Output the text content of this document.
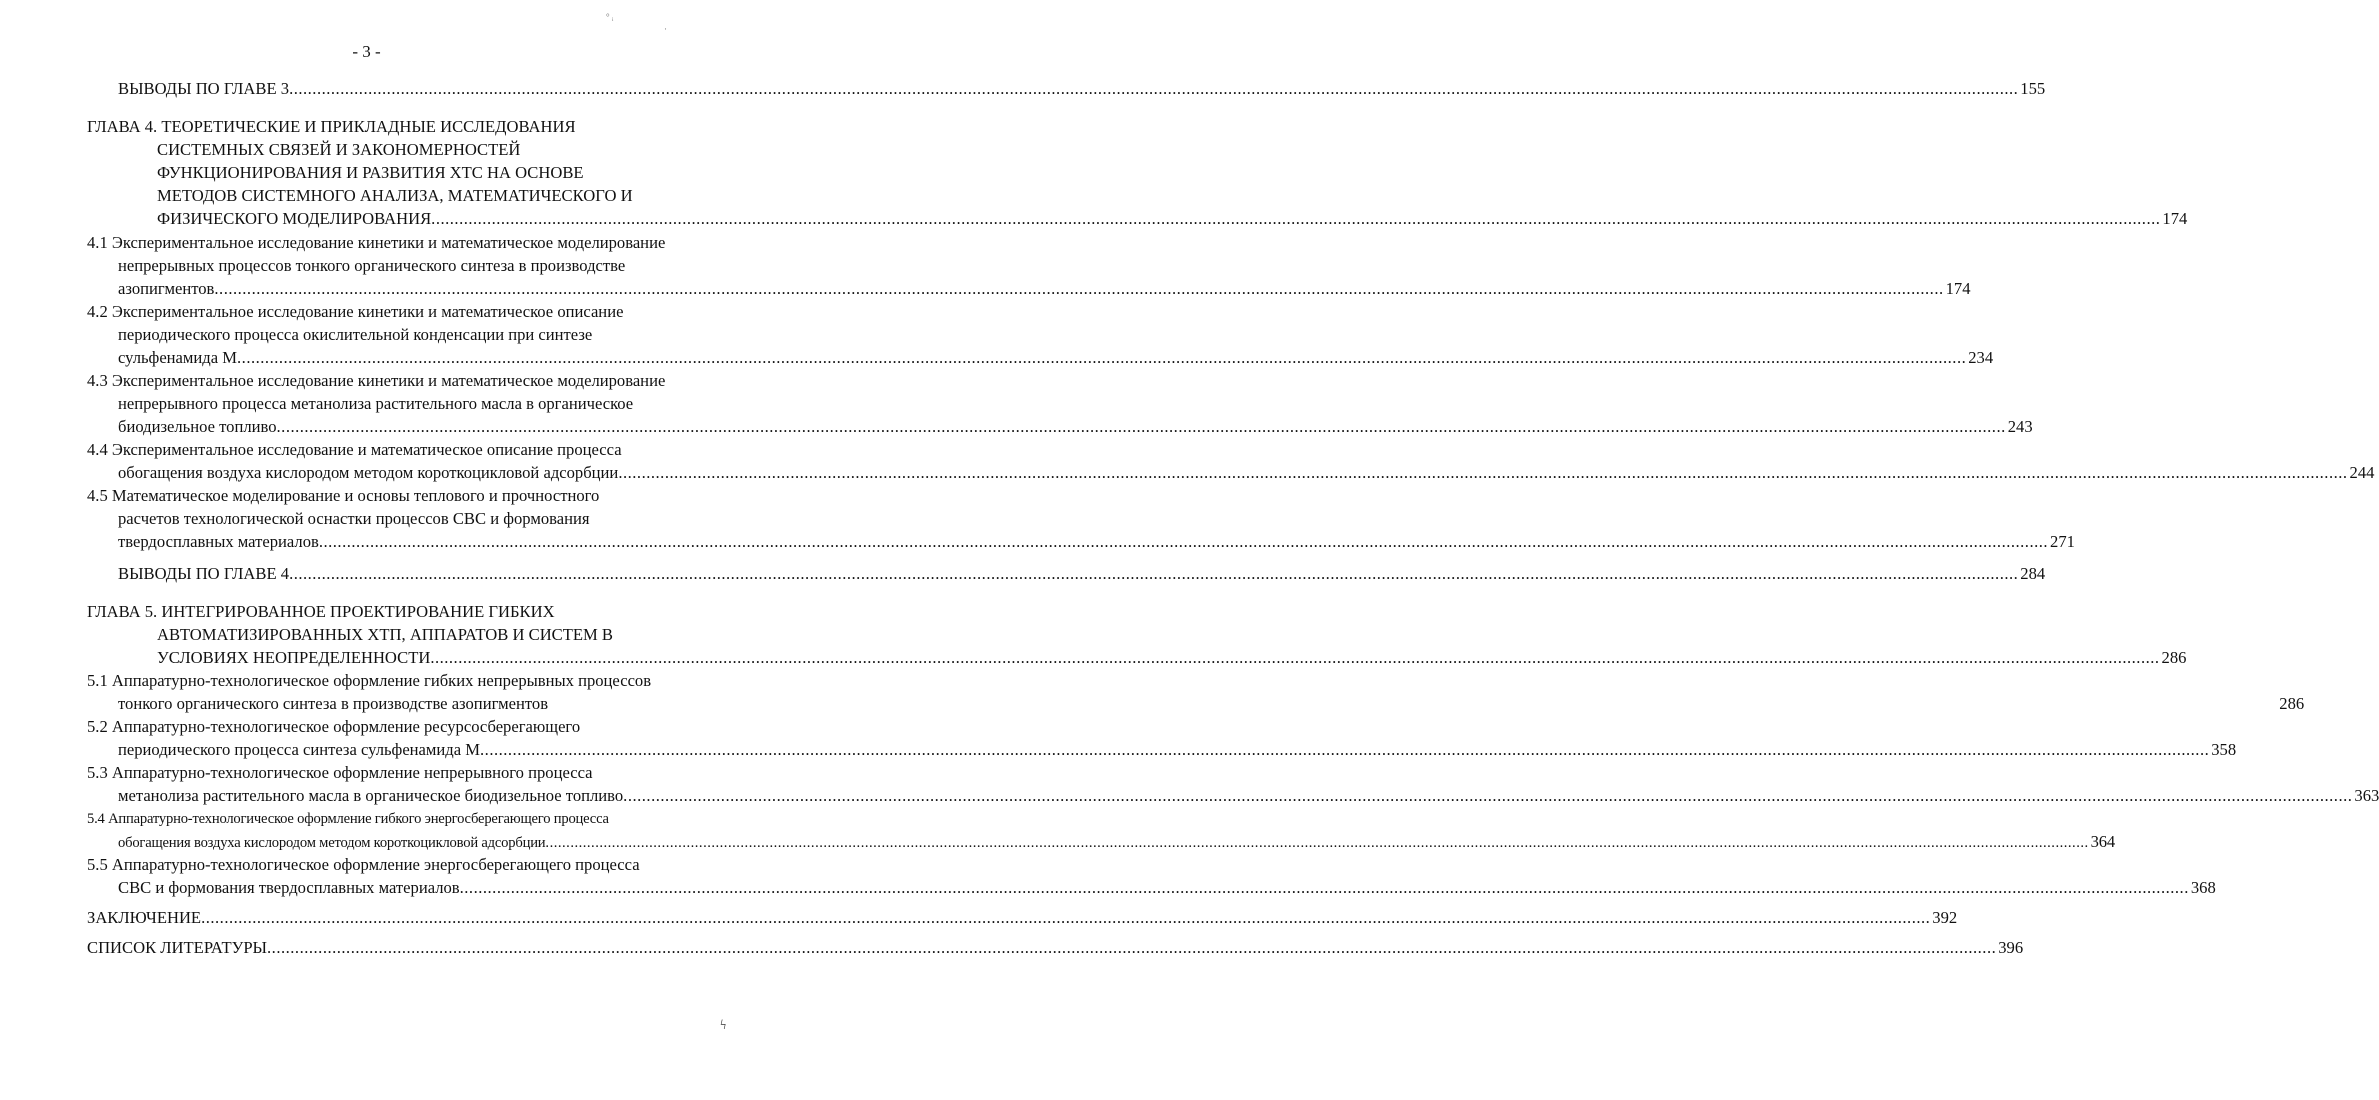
° ᵢ
·
ϟ
- 3 -
ВЫВОДЫ ПО ГЛАВЕ 3 .................................................................................................................................................................................................................................................................................................................................................................................... 155
ГЛАВА 4. ТЕОРЕТИЧЕСКИЕ И ПРИКЛАДНЫЕ ИССЛЕДОВАНИЯ
СИСТЕМНЫХ СВЯЗЕЙ И ЗАКОНОМЕРНОСТЕЙ
ФУНКЦИОНИРОВАНИЯ И РАЗВИТИЯ ХТС НА ОСНОВЕ
МЕТОДОВ СИСТЕМНОГО АНАЛИЗА, МАТЕМАТИЧЕСКОГО И
ФИЗИЧЕСКОГО МОДЕЛИРОВАНИЯ .................................................................................................................................................................................................................................................................................................................................................................................... 174
4.1 Экспериментальное исследование кинетики и математическое моделирование
непрерывных процессов тонкого органического синтеза в производстве
азопигментов .................................................................................................................................................................................................................................................................................................................................................................................... 174
4.2 Экспериментальное исследование кинетики и математическое описание
периодического процесса окислительной конденсации при синтезе
сульфенамида М .................................................................................................................................................................................................................................................................................................................................................................................... 234
4.3 Экспериментальное исследование кинетики и математическое моделирование
непрерывного процесса метанолиза растительного масла в органическое
биодизельное топливо .................................................................................................................................................................................................................................................................................................................................................................................... 243
4.4 Экспериментальное исследование и математическое описание процесса
обогащения воздуха кислородом методом короткоцикловой адсорбции .................................................................................................................................................................................................................................................................................................................................................................................... 244
4.5 Математическое моделирование и основы теплового и прочностного
расчетов технологической оснастки процессов СВС и формования
твердосплавных материалов .................................................................................................................................................................................................................................................................................................................................................................................... 271
ВЫВОДЫ ПО ГЛАВЕ 4 .................................................................................................................................................................................................................................................................................................................................................................................... 284
ГЛАВА 5. ИНТЕГРИРОВАННОЕ ПРОЕКТИРОВАНИЕ ГИБКИХ
АВТОМАТИЗИРОВАННЫХ ХТП, АППАРАТОВ И СИСТЕМ В
УСЛОВИЯХ НЕОПРЕДЕЛЕННОСТИ .................................................................................................................................................................................................................................................................................................................................................................................... 286
5.1 Аппаратурно-технологическое оформление гибких непрерывных процессов
тонкого органического синтеза в производстве азопигментов	286
5.2 Аппаратурно-технологическое оформление ресурсосберегающего
периодического процесса синтеза сульфенамида М .................................................................................................................................................................................................................................................................................................................................................................................... 358
5.3 Аппаратурно-технологическое оформление непрерывного процесса
метанолиза растительного масла в органическое биодизельное топливо .................................................................................................................................................................................................................................................................................................................................................................................... 363
5.4 Аппаратурно-технологическое оформление гибкого энергосберегающего процесса
обогащения воздуха кислородом методом короткоцикловой адсорбции .................................................................................................................................................................................................................................................................................................................................................................................... 364
5.5 Аппаратурно-технологическое оформление энергосберегающего процесса
СВС и формования твердосплавных материалов .................................................................................................................................................................................................................................................................................................................................................................................... 368
ЗАКЛЮЧЕНИЕ .................................................................................................................................................................................................................................................................................................................................................................................... 392
СПИСОК ЛИТЕРАТУРЫ .................................................................................................................................................................................................................................................................................................................................................................................... 396
